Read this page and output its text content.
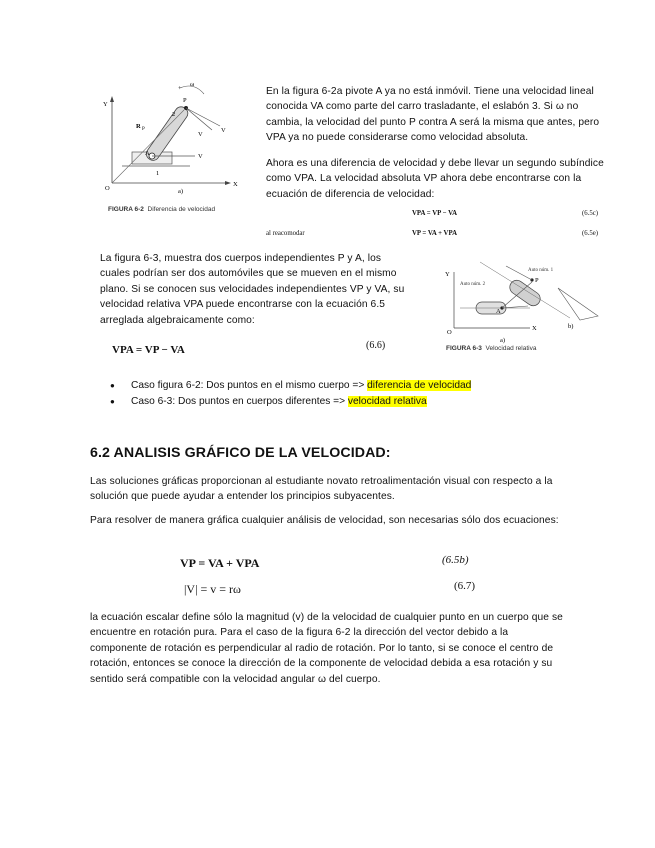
Y
X
O
R P
P
2
A
1
V
V
V
ω
+
a)
FIGURA 6-2 Diferencia de velocidad
En la figura 6-2a pivote A ya no está inmóvil. Tiene una velocidad lineal conocida VA como parte del carro trasladante, el eslabón 3. Si ω no cambia, la velocidad del punto P contra A será la misma que antes, pero VPA ya no puede considerarse como velocidad absoluta.
Ahora es una diferencia de velocidad y debe llevar un segundo subíndice como VPA. La velocidad absoluta VP ahora debe encontrarse con la ecuación de diferencia de velocidad:
al reacomodar
VPA = VP − VA	(6.5c)
VP = VA + VPA	(6.5e)
La figura 6-3, muestra dos cuerpos independientes P y A, los cuales podrían ser dos automóviles que se mueven en el mismo plano. Si se conocen sus velocidades independientes VP y VA, su velocidad relativa VPA puede encontrarse con la ecuación 6.5 arreglada algebraicamente como:
VPA = VP − VA	(6.6)
Y
X
O
A
P
b)
a)
Auto núm. 1
Auto núm. 2
FIGURA 6-3 Velocidad relativa
● Caso figura 6-2: Dos puntos en el mismo cuerpo => diferencia de velocidad
● Caso 6-3: Dos puntos en cuerpos diferentes => velocidad relativa
6.2 ANALISIS GRÁFICO DE LA VELOCIDAD:
Las soluciones gráficas proporcionan al estudiante novato retroalimentación visual con respecto a la solución que puede ayudar a entender los principios subyacentes.
Para resolver de manera gráfica cualquier análisis de velocidad, son necesarias sólo dos ecuaciones:
VP = VA + VPA	(6.5b)
|V| = v = rω	(6.7)
la ecuación escalar define sólo la magnitud (v) de la velocidad de cualquier punto en un cuerpo que se encuentre en rotación pura. Para el caso de la figura 6-2 la dirección del vector debido a la componente de rotación es perpendicular al radio de rotación. Por lo tanto, si se conoce el centro de rotación, entonces se conoce la dirección de la componente de velocidad debida a esa rotación y su sentido será compatible con la velocidad angular ω del cuerpo.
